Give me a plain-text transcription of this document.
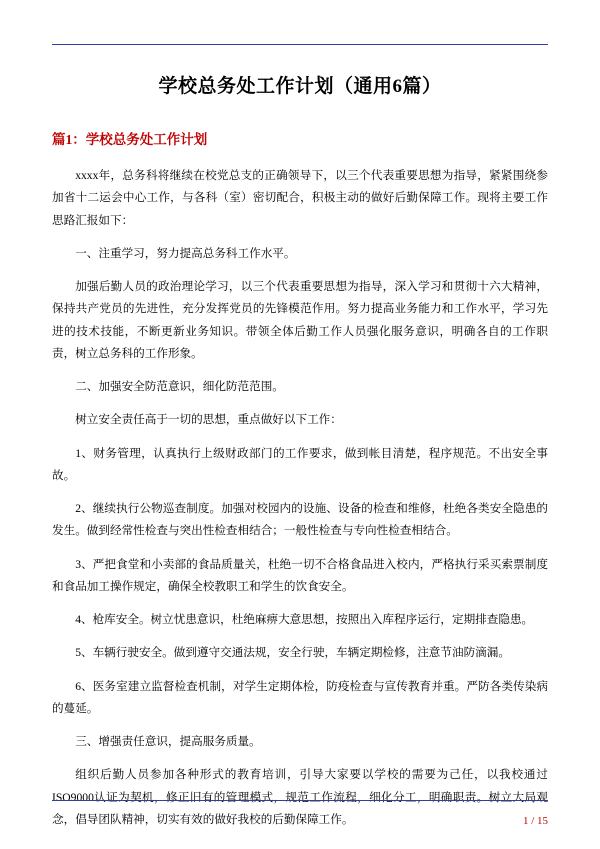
学校总务处工作计划（通用6篇）
篇1：学校总务处工作计划

xxxx年，总务科将继续在校党总支的正确领导下，以三个代表重要思想为指导，紧紧围绕参加省十二运会中心工作，与各科（室）密切配合，积极主动的做好后勤保障工作。现将主要工作思路汇报如下：

一、注重学习，努力提高总务科工作水平。

加强后勤人员的政治理论学习，以三个代表重要思想为指导，深入学习和贯彻十六大精神，保持共产党员的先进性，充分发挥党员的先锋模范作用。努力提高业务能力和工作水平，学习先进的技术技能，不断更新业务知识。带领全体后勤工作人员强化服务意识，明确各自的工作职责，树立总务科的工作形象。

二、加强安全防范意识，细化防范范围。

树立安全责任高于一切的思想，重点做好以下工作：

1、财务管理，认真执行上级财政部门的工作要求，做到帐目清楚，程序规范。不出安全事故。

2、继续执行公物巡查制度。加强对校园内的设施、设备的检查和维修，杜绝各类安全隐患的发生。做到经常性检查与突出性检查相结合；一般性检查与专向性检查相结合。

3、严把食堂和小卖部的食品质量关，杜绝一切不合格食品进入校内，严格执行采买索票制度和食品加工操作规定，确保全校教职工和学生的饮食安全。

4、枪库安全。树立忧患意识，杜绝麻痹大意思想，按照出入库程序运行，定期排查隐患。

5、车辆行驶安全。做到遵守交通法规，安全行驶，车辆定期检修，注意节油防滴漏。

6、医务室建立监督检查机制，对学生定期体检，防疫检查与宣传教育并重。严防各类传染病的蔓延。

三、增强责任意识，提高服务质量。

组织后勤人员参加各种形式的教育培训，引导大家要以学校的需要为己任，以我校通过ISO9000认证为契机，修正旧有的管理模式，规范工作流程，细化分工，明确职责。树立大局观念，倡导团队精神，切实有效的做好我校的后勤保障工作。	1 / 15
